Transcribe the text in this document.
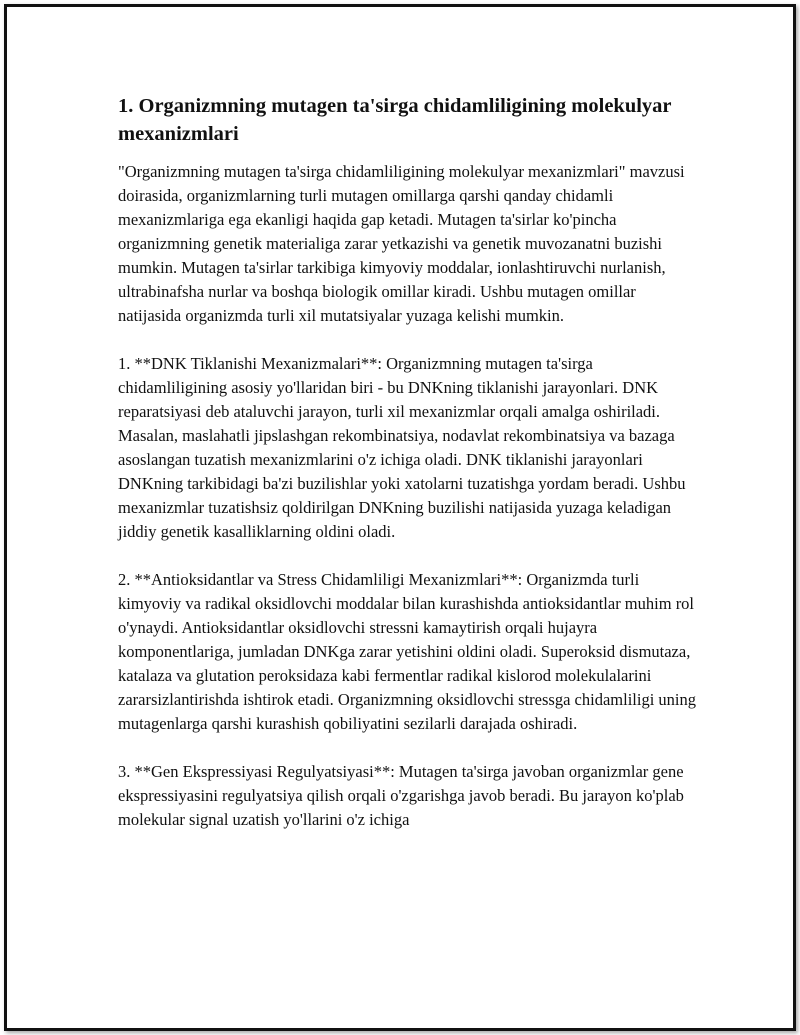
1. Organizmning mutagen ta'sirga chidamliligining molekulyar mexanizmlari

"Organizmning mutagen ta'sirga chidamliligining molekulyar mexanizmlari" mavzusi doirasida, organizmlarning turli mutagen omillarga qarshi qanday chidamli mexanizmlariga ega ekanligi haqida gap ketadi. Mutagen ta'sirlar ko'pincha organizmning genetik materialiga zarar yetkazishi va genetik muvozanatni buzishi mumkin. Mutagen ta'sirlar tarkibiga kimyoviy moddalar, ionlashtiruvchi nurlanish, ultrabinafsha nurlar va boshqa biologik omillar kiradi. Ushbu mutagen omillar natijasida organizmda turli xil mutatsiyalar yuzaga kelishi mumkin.

1. **DNK Tiklanishi Mexanizmalari**: Organizmning mutagen ta'sirga chidamliligining asosiy yo'llaridan biri - bu DNKning tiklanishi jarayonlari. DNK reparatsiyasi deb ataluvchi jarayon, turli xil mexanizmlar orqali amalga oshiriladi. Masalan, maslahatli jipslashgan rekombinatsiya, nodavlat rekombinatsiya va bazaga asoslangan tuzatish mexanizmlarini o'z ichiga oladi. DNK tiklanishi jarayonlari DNKning tarkibidagi ba'zi buzilishlar yoki xatolarni tuzatishga yordam beradi. Ushbu mexanizmlar tuzatishsiz qoldirilgan DNKning buzilishi natijasida yuzaga keladigan jiddiy genetik kasalliklarning oldini oladi.

2. **Antioksidantlar va Stress Chidamliligi Mexanizmlari**: Organizmda turli kimyoviy va radikal oksidlovchi moddalar bilan kurashishda antioksidantlar muhim rol o'ynaydi. Antioksidantlar oksidlovchi stressni kamaytirish orqali hujayra komponentlariga, jumladan DNKga zarar yetishini oldini oladi. Superoksid dismutaza, katalaza va glutation peroksidaza kabi fermentlar radikal kislorod molekulalarini zararsizlantirishda ishtirok etadi. Organizmning oksidlovchi stressga chidamliligi uning mutagenlarga qarshi kurashish qobiliyatini sezilarli darajada oshiradi.

3. **Gen Ekspressiyasi Regulyatsiyasi**: Mutagen ta'sirga javoban organizmlar gene ekspressiyasini regulyatsiya qilish orqali o'zgarishga javob beradi. Bu jarayon ko'plab molekular signal uzatish yo'llarini o'z ichiga
